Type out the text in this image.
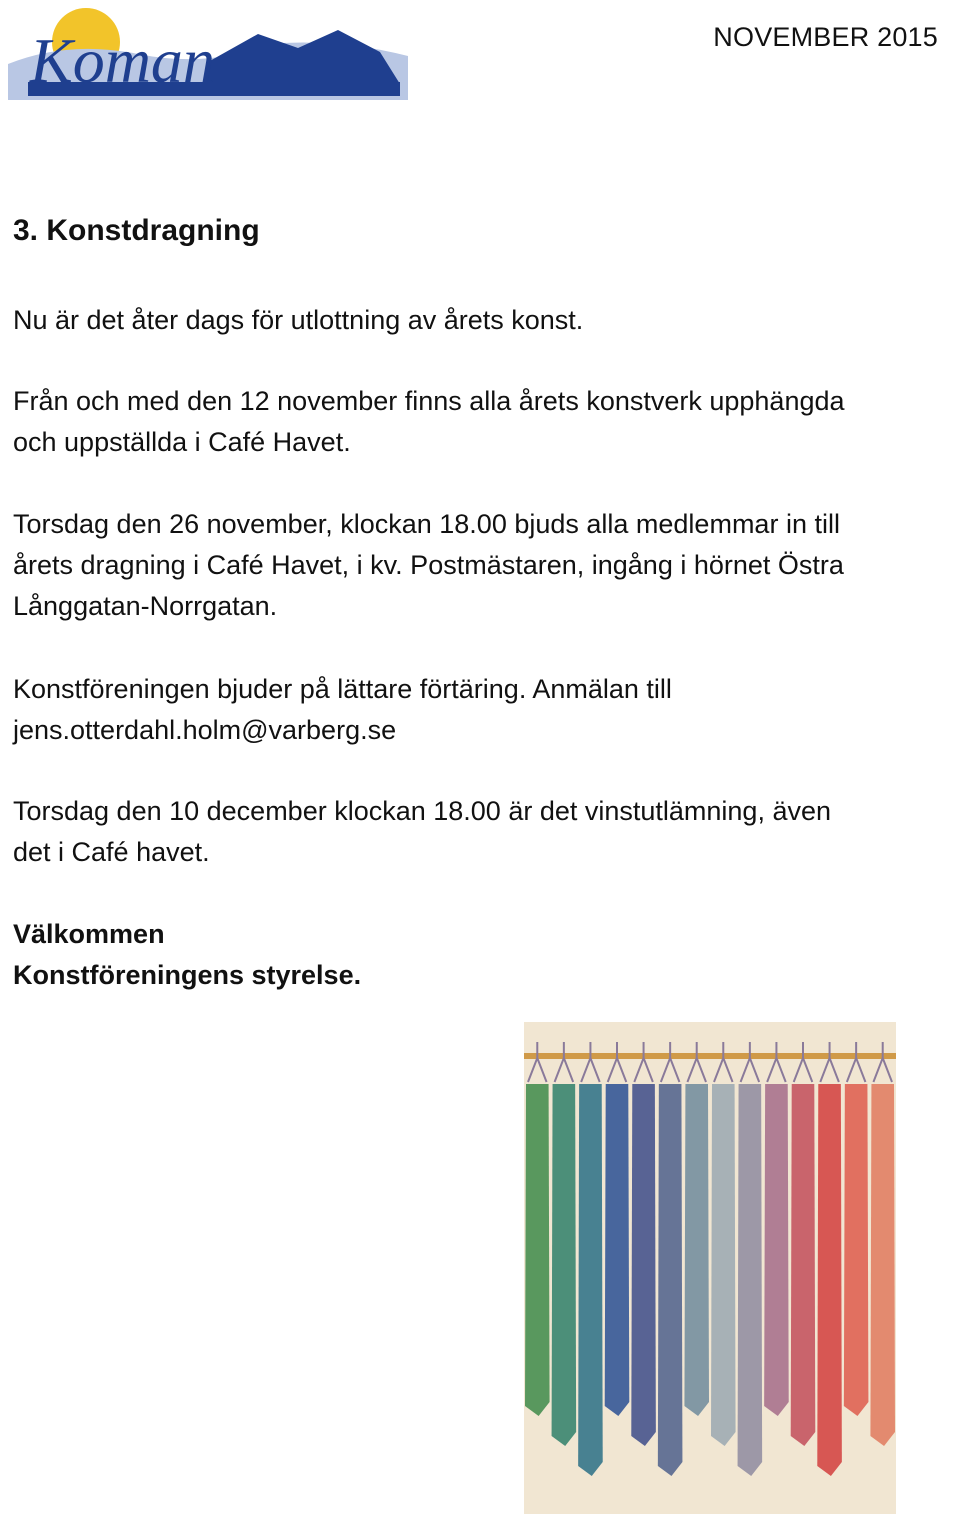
Koman	NOVEMBER 2015
3. Konstdragning
Nu är det åter dags för utlottning av årets konst.
Från och med den 12 november finns alla årets konstverk upphängda
och uppställda i Café Havet.
Torsdag den 26 november, klockan 18.00 bjuds alla medlemmar in till
årets dragning i Café Havet, i kv. Postmästaren, ingång i hörnet Östra
Långgatan-Norrgatan.
Konstföreningen bjuder på lättare förtäring. Anmälan till
jens.otterdahl.holm@varberg.se
Torsdag den 10 december klockan 18.00 är det vinstutlämning, även
det i Café havet.
Välkommen
Konstföreningens styrelse.
